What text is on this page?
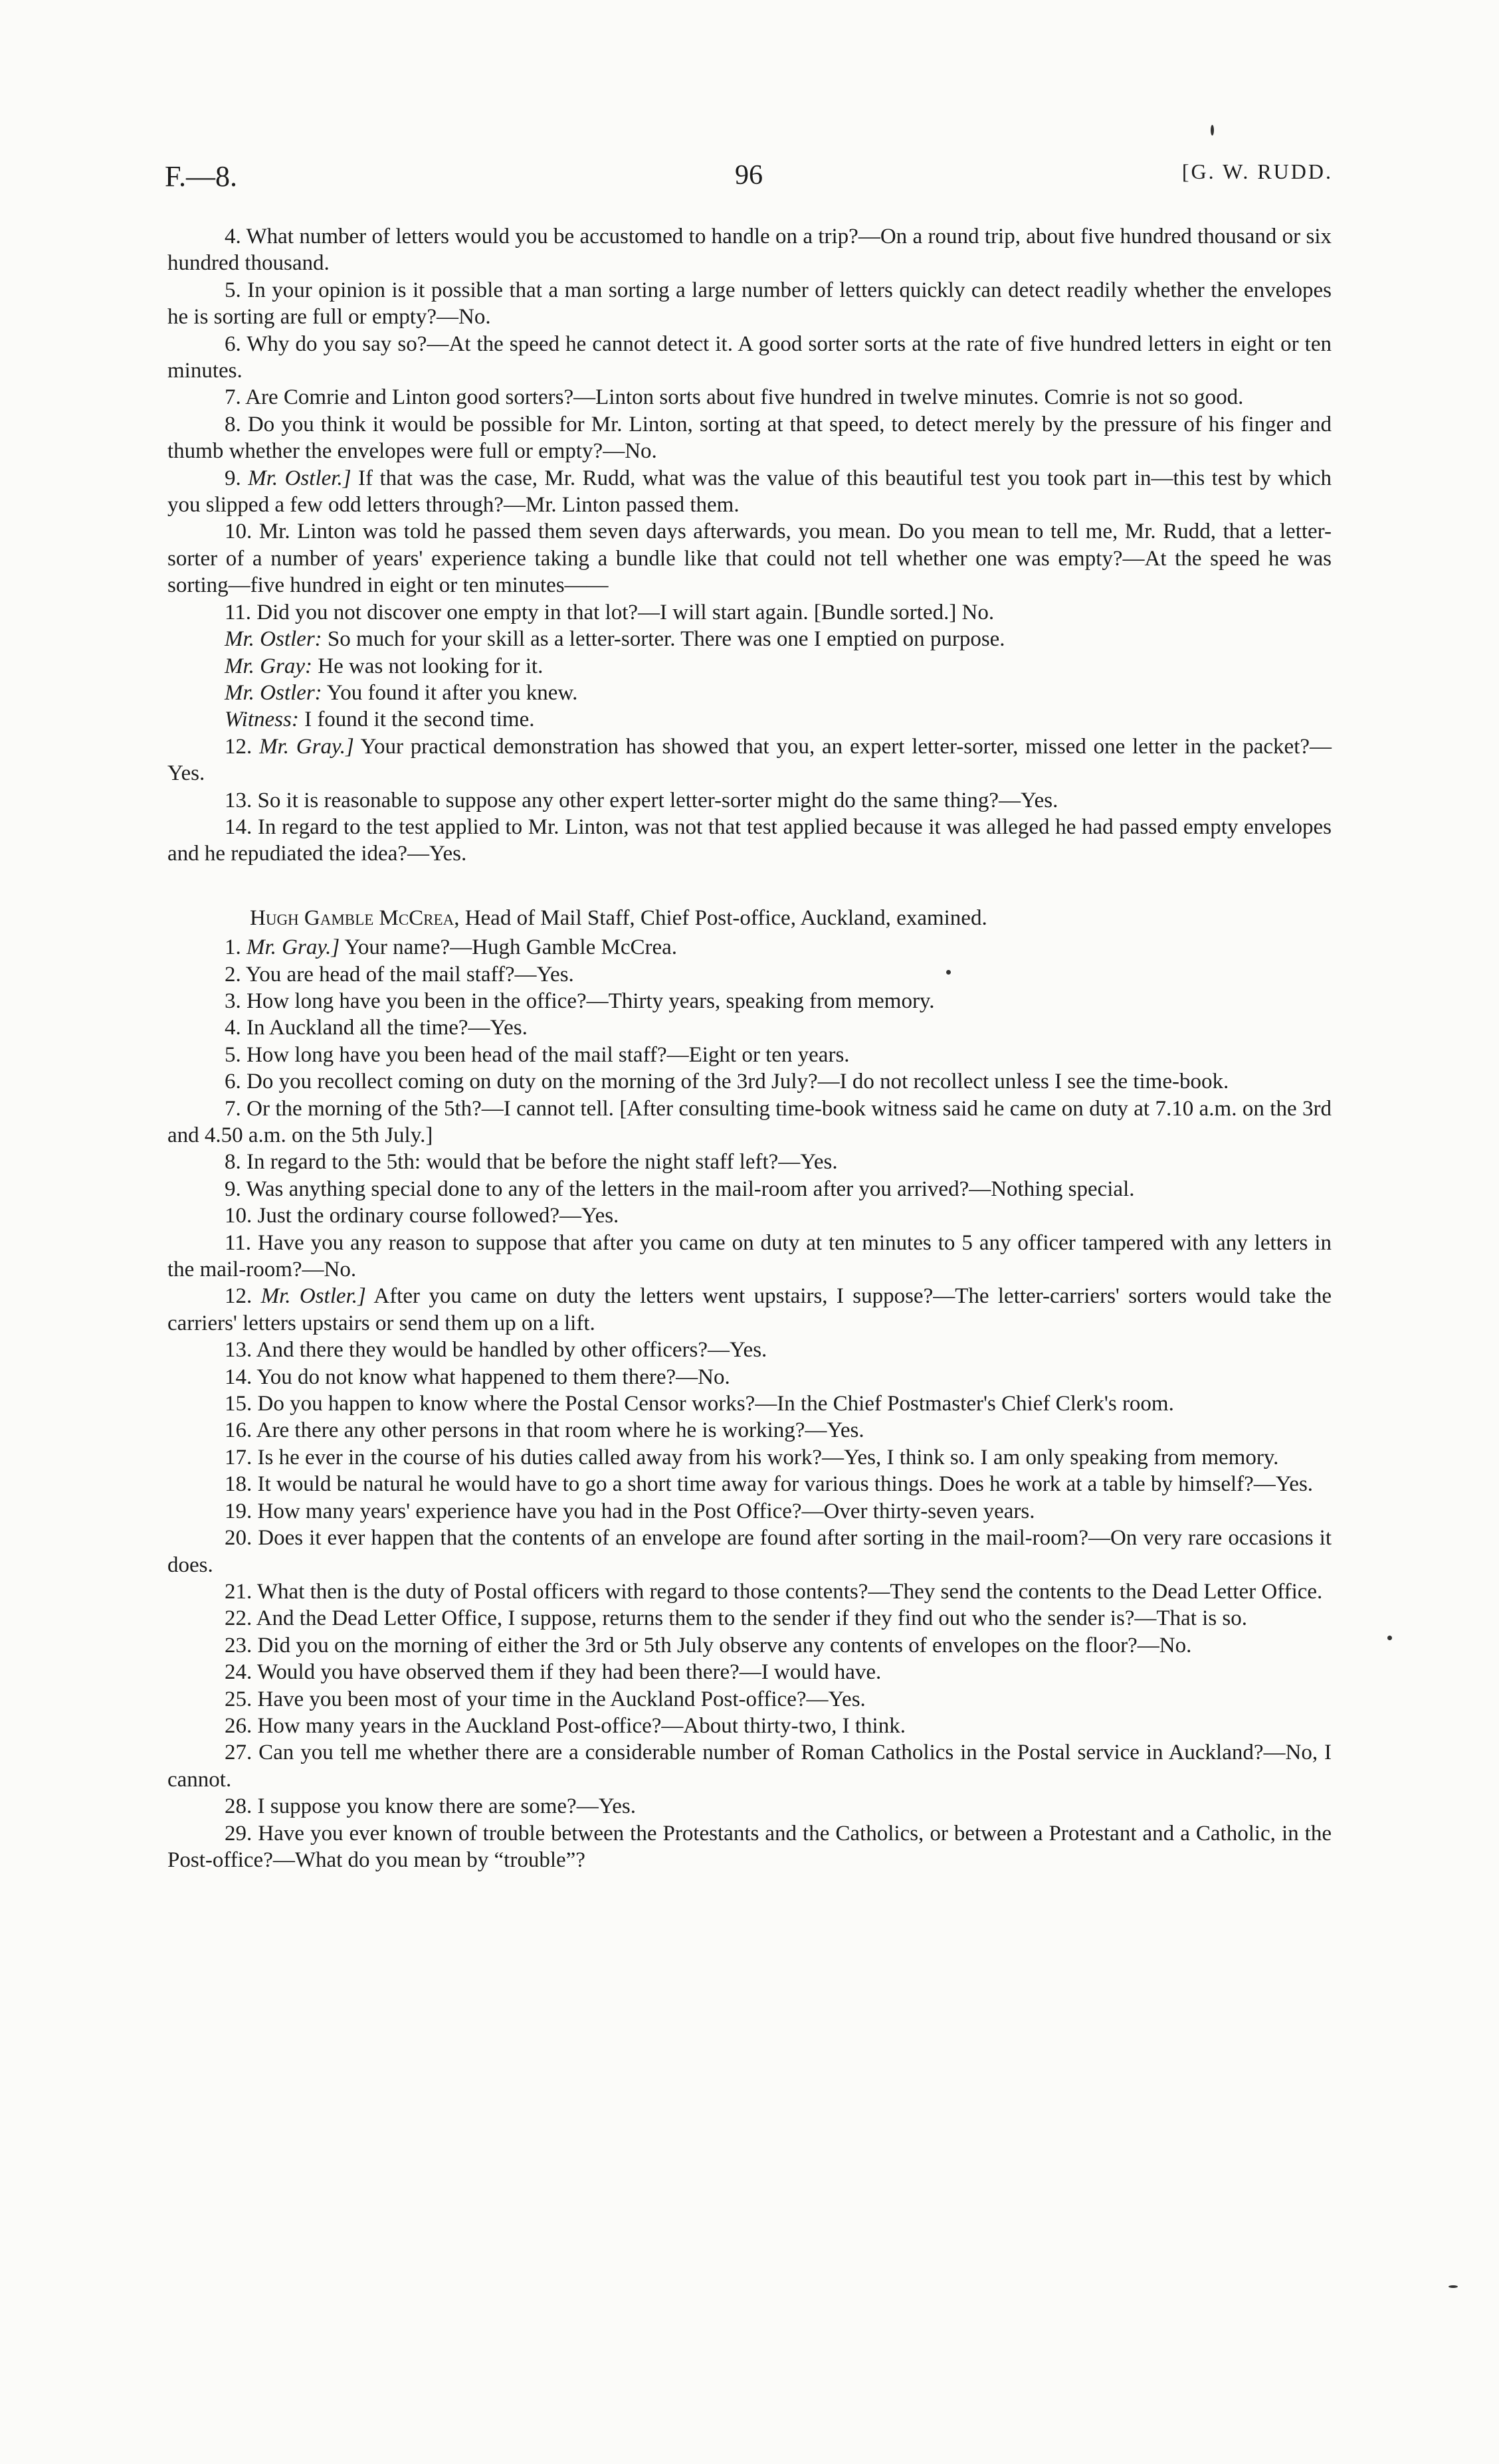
F.—8.	96	[G. W. RUDD.

4. What number of letters would you be accustomed to handle on a trip?—On a round trip, about five hundred thousand or six hundred thousand.

5. In your opinion is it possible that a man sorting a large number of letters quickly can detect readily whether the envelopes he is sorting are full or empty?—No.

6. Why do you say so?—At the speed he cannot detect it. A good sorter sorts at the rate of five hundred letters in eight or ten minutes.

7. Are Comrie and Linton good sorters?—Linton sorts about five hundred in twelve minutes. Comrie is not so good.

8. Do you think it would be possible for Mr. Linton, sorting at that speed, to detect merely by the pressure of his finger and thumb whether the envelopes were full or empty?—No.

9. Mr. Ostler.] If that was the case, Mr. Rudd, what was the value of this beautiful test you took part in—this test by which you slipped a few odd letters through?—Mr. Linton passed them.

10. Mr. Linton was told he passed them seven days afterwards, you mean. Do you mean to tell me, Mr. Rudd, that a letter-sorter of a number of years' experience taking a bundle like that could not tell whether one was empty?—At the speed he was sorting—five hundred in eight or ten minutes——

11. Did you not discover one empty in that lot?—I will start again. [Bundle sorted.] No.

Mr. Ostler: So much for your skill as a letter-sorter. There was one I emptied on purpose.

Mr. Gray: He was not looking for it.

Mr. Ostler: You found it after you knew.

Witness: I found it the second time.

12. Mr. Gray.] Your practical demonstration has showed that you, an expert letter-sorter, missed one letter in the packet?—Yes.

13. So it is reasonable to suppose any other expert letter-sorter might do the same thing?—Yes.

14. In regard to the test applied to Mr. Linton, was not that test applied because it was alleged he had passed empty envelopes and he repudiated the idea?—Yes.

Hugh Gamble McCrea, Head of Mail Staff, Chief Post-office, Auckland, examined.

1. Mr. Gray.] Your name?—Hugh Gamble McCrea.

2. You are head of the mail staff?—Yes.

3. How long have you been in the office?—Thirty years, speaking from memory.

4. In Auckland all the time?—Yes.

5. How long have you been head of the mail staff?—Eight or ten years.

6. Do you recollect coming on duty on the morning of the 3rd July?—I do not recollect unless I see the time-book.

7. Or the morning of the 5th?—I cannot tell. [After consulting time-book witness said he came on duty at 7.10 a.m. on the 3rd and 4.50 a.m. on the 5th July.]

8. In regard to the 5th: would that be before the night staff left?—Yes.

9. Was anything special done to any of the letters in the mail-room after you arrived?—Nothing special.

10. Just the ordinary course followed?—Yes.

11. Have you any reason to suppose that after you came on duty at ten minutes to 5 any officer tampered with any letters in the mail-room?—No.

12. Mr. Ostler.] After you came on duty the letters went upstairs, I suppose?—The letter-carriers' sorters would take the carriers' letters upstairs or send them up on a lift.

13. And there they would be handled by other officers?—Yes.

14. You do not know what happened to them there?—No.

15. Do you happen to know where the Postal Censor works?—In the Chief Postmaster's Chief Clerk's room.

16. Are there any other persons in that room where he is working?—Yes.

17. Is he ever in the course of his duties called away from his work?—Yes, I think so. I am only speaking from memory.

18. It would be natural he would have to go a short time away for various things. Does he work at a table by himself?—Yes.

19. How many years' experience have you had in the Post Office?—Over thirty-seven years.

20. Does it ever happen that the contents of an envelope are found after sorting in the mail-room?—On very rare occasions it does.

21. What then is the duty of Postal officers with regard to those contents?—They send the contents to the Dead Letter Office.

22. And the Dead Letter Office, I suppose, returns them to the sender if they find out who the sender is?—That is so.

23. Did you on the morning of either the 3rd or 5th July observe any contents of envelopes on the floor?—No.

24. Would you have observed them if they had been there?—I would have.

25. Have you been most of your time in the Auckland Post-office?—Yes.

26. How many years in the Auckland Post-office?—About thirty-two, I think.

27. Can you tell me whether there are a considerable number of Roman Catholics in the Postal service in Auckland?—No, I cannot.

28. I suppose you know there are some?—Yes.

29. Have you ever known of trouble between the Protestants and the Catholics, or between a Protestant and a Catholic, in the Post-office?—What do you mean by “trouble”?
